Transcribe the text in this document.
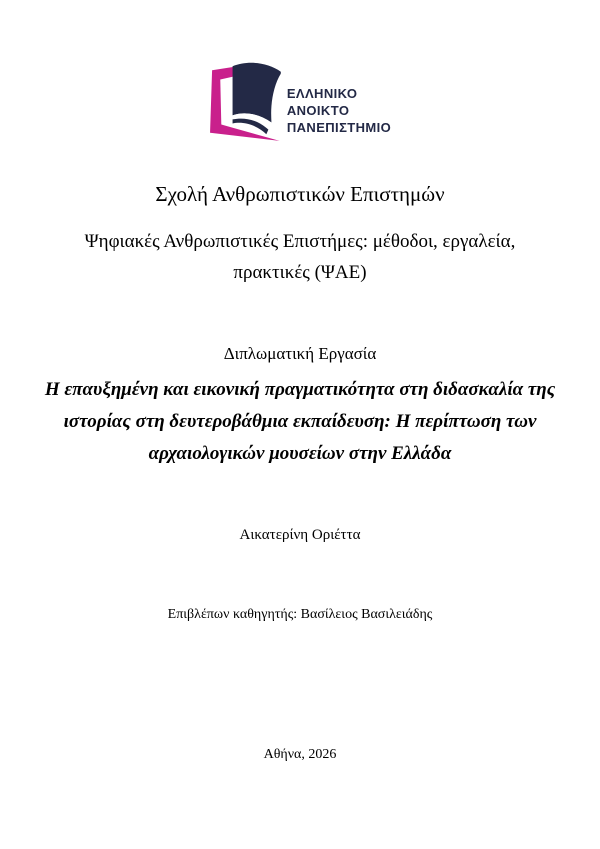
ΕΛΛΗΝΙΚΟ
ΑΝΟΙΚΤΟ
ΠΑΝΕΠΙΣΤΗΜΙΟ
Σχολή Ανθρωπιστικών Επιστημών
Ψηφιακές Ανθρωπιστικές Επιστήμες: μέθοδοι, εργαλεία,
πρακτικές (ΨΑΕ)
Διπλωματική Εργασία
Η επαυξημένη και εικονική πραγματικότητα στη διδασκαλία της
ιστορίας στη δευτεροβάθμια εκπαίδευση: Η περίπτωση των
αρχαιολογικών μουσείων στην Ελλάδα
Αικατερίνη Οριέττα
Επιβλέπων καθηγητής: Βασίλειος Βασιλειάδης
Αθήνα, 2026
